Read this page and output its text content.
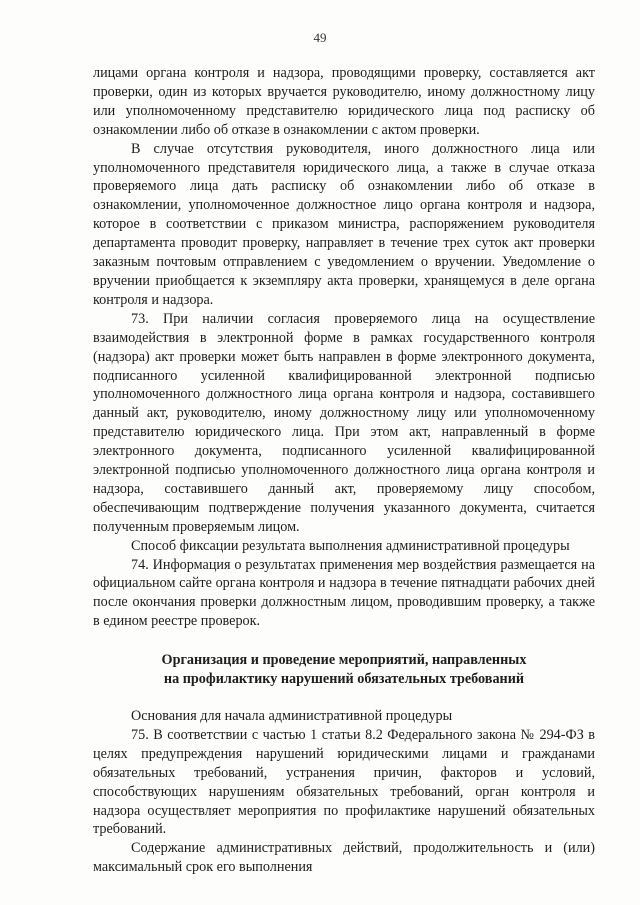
49

лицами органа контроля и надзора, проводящими проверку, составляется акт проверки, один из которых вручается руководителю, иному должностному лицу или уполномоченному представителю юридического лица под расписку об ознакомлении либо об отказе в ознакомлении с актом проверки.

В случае отсутствия руководителя, иного должностного лица или уполномоченного представителя юридического лица, а также в случае отказа проверяемого лица дать расписку об ознакомлении либо об отказе в ознакомлении, уполномоченное должностное лицо органа контроля и надзора, которое в соответствии с приказом министра, распоряжением руководителя департамента проводит проверку, направляет в течение трех суток акт проверки заказным почтовым отправлением с уведомлением о вручении. Уведомление о вручении приобщается к экземпляру акта проверки, хранящемуся в деле органа контроля и надзора.

73. При наличии согласия проверяемого лица на осуществление взаимодействия в электронной форме в рамках государственного контроля (надзора) акт проверки может быть направлен в форме электронного документа, подписанного усиленной квалифицированной электронной подписью уполномоченного должностного лица органа контроля и надзора, составившего данный акт, руководителю, иному должностному лицу или уполномоченному представителю юридического лица. При этом акт, направленный в форме электронного документа, подписанного усиленной квалифицированной электронной подписью уполномоченного должностного лица органа контроля и надзора, составившего данный акт, проверяемому лицу способом, обеспечивающим подтверждение получения указанного документа, считается полученным проверяемым лицом.

Способ фиксации результата выполнения административной процедуры

74. Информация о результатах применения мер воздействия размещается на официальном сайте органа контроля и надзора в течение пятнадцати рабочих дней после окончания проверки должностным лицом, проводившим проверку, а также в едином реестре проверок.

Организация и проведение мероприятий, направленных
на профилактику нарушений обязательных требований

Основания для начала административной процедуры

75. В соответствии с частью 1 статьи 8.2 Федерального закона № 294-ФЗ в целях предупреждения нарушений юридическими лицами и гражданами обязательных требований, устранения причин, факторов и условий, способствующих нарушениям обязательных требований, орган контроля и надзора осуществляет мероприятия по профилактике нарушений обязательных требований.

Содержание административных действий, продолжительность и (или) максимальный срок его выполнения
